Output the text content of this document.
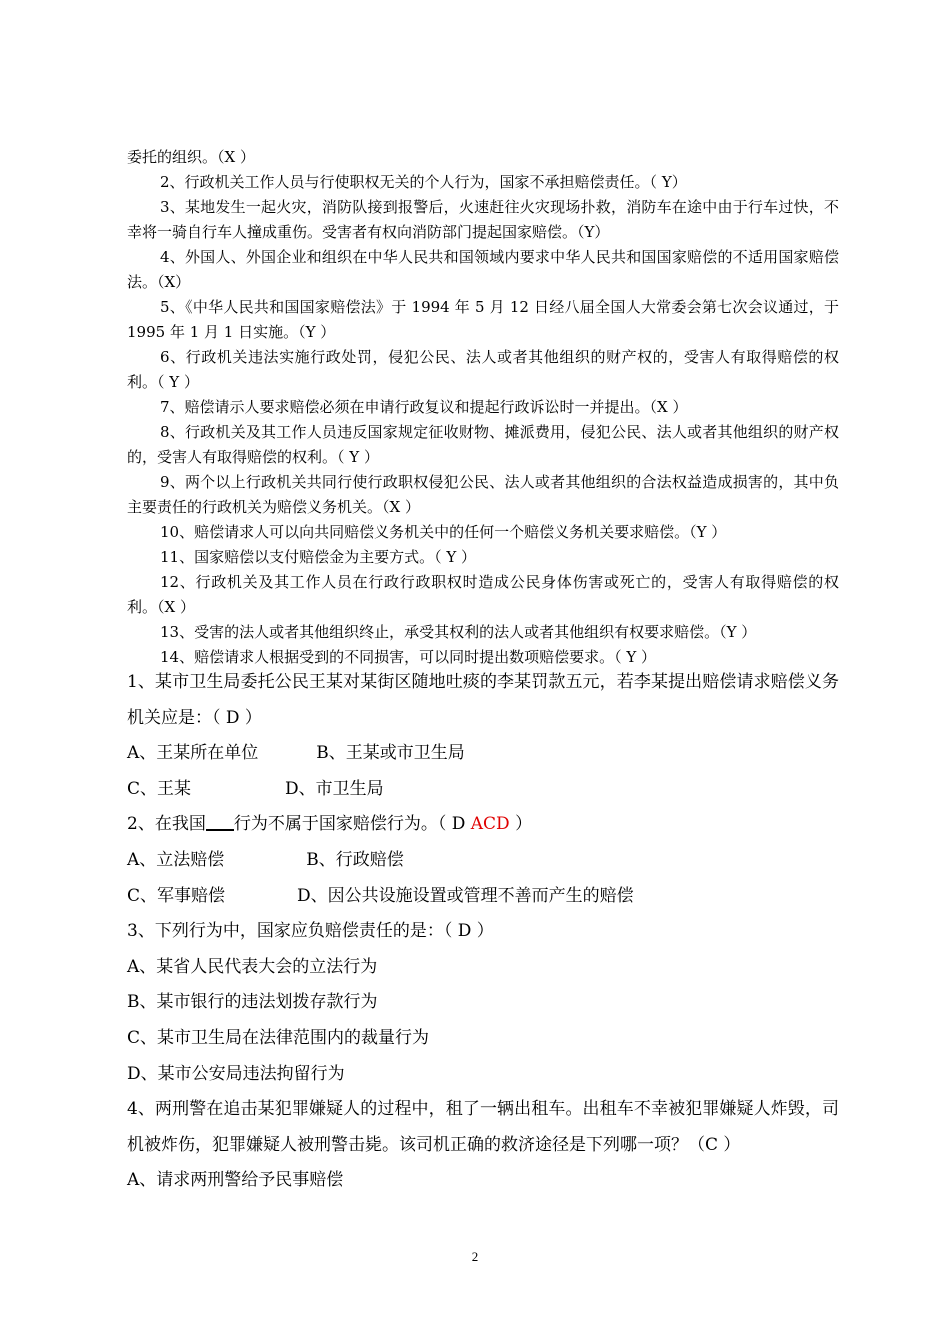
委托的组织。（X ）

2、行政机关工作人员与行使职权无关的个人行为，国家不承担赔偿责任。（ Y）

3、某地发生一起火灾，消防队接到报警后，火速赶往火灾现场扑救，消防车在途中由于行车过快，不幸将一骑自行车人撞成重伤。受害者有权向消防部门提起国家赔偿。（Y）

4、外国人、外国企业和组织在中华人民共和国领域内要求中华人民共和国国家赔偿的不适用国家赔偿法。（X）

5、《中华人民共和国国家赔偿法》于 1994 年 5 月 12 日经八届全国人大常委会第七次会议通过，于 1995 年 1 月 1 日实施。（Y ）

6、行政机关违法实施行政处罚，侵犯公民、法人或者其他组织的财产权的，受害人有取得赔偿的权利。（ Y ）

7、赔偿请示人要求赔偿必须在申请行政复议和提起行政诉讼时一并提出。（X ）

8、行政机关及其工作人员违反国家规定征收财物、摊派费用，侵犯公民、法人或者其他组织的财产权的，受害人有取得赔偿的权利。（ Y ）

9、两个以上行政机关共同行使行政职权侵犯公民、法人或者其他组织的合法权益造成损害的，其中负主要责任的行政机关为赔偿义务机关。（X ）

10、赔偿请求人可以向共同赔偿义务机关中的任何一个赔偿义务机关要求赔偿。（Y ）

11、国家赔偿以支付赔偿金为主要方式。（ Y ）

12、行政机关及其工作人员在行政行政职权时造成公民身体伤害或死亡的，受害人有取得赔偿的权利。（X ）

13、受害的法人或者其他组织终止，承受其权利的法人或者其他组织有权要求赔偿。（Y ）

14、赔偿请求人根据受到的不同损害，可以同时提出数项赔偿要求。（ Y ）

1、某市卫生局委托公民王某对某街区随地吐痰的李某罚款五元，若李某提出赔偿请求赔偿义务机关应是：（ D ）

A、王某所在单位	B、王某或市卫生局

C、王某	D、市卫生局

2、在我国 行为不属于国家赔偿行为。（ D ACD ）

A、立法赔偿	B、行政赔偿

C、军事赔偿	D、因公共设施设置或管理不善而产生的赔偿

3、下列行为中，国家应负赔偿责任的是：（ D ）

A、某省人民代表大会的立法行为

B、某市银行的违法划拨存款行为

C、某市卫生局在法律范围内的裁量行为

D、某市公安局违法拘留行为

4、两刑警在追击某犯罪嫌疑人的过程中，租了一辆出租车。出租车不幸被犯罪嫌疑人炸毁，司机被炸伤，犯罪嫌疑人被刑警击毙。该司机正确的救济途径是下列哪一项？（C ）

A、请求两刑警给予民事赔偿

2
